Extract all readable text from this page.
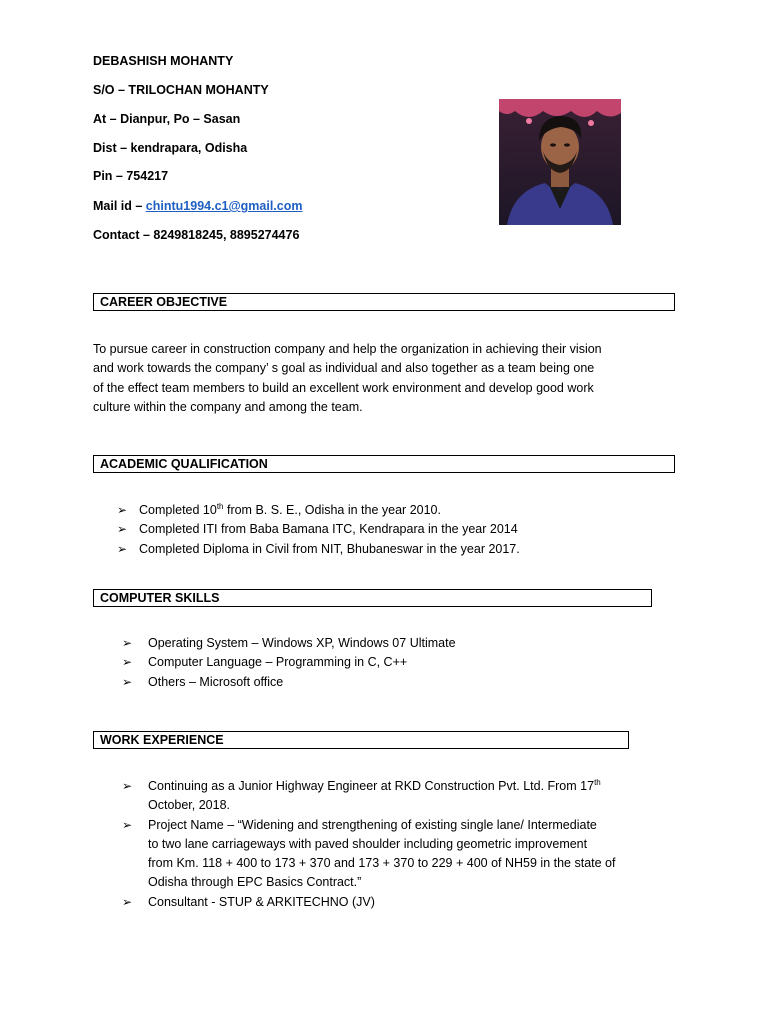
DEBASHISH MOHANTY
S/O – TRILOCHAN MOHANTY
At – Dianpur, Po – Sasan
Dist – kendrapara, Odisha
Pin – 754217
Mail id – chintu1994.c1@gmail.com
Contact – 8249818245, 8895274476
CAREER OBJECTIVE
To pursue career in construction company and help the organization in achieving their vision
and work towards the company’ s goal as individual and also together as a team being one
of the effect team members to build an excellent work environment and develop good work
culture within the company and among the team.
ACADEMIC QUALIFICATION
➢ Completed 10th from B. S. E., Odisha in the year 2010.
➢ Completed ITI from Baba Bamana ITC, Kendrapara in the year 2014
➢ Completed Diploma in Civil from NIT, Bhubaneswar in the year 2017.
COMPUTER SKILLS
➢ Operating System – Windows XP, Windows 07 Ultimate
➢ Computer Language – Programming in C, C++
➢ Others – Microsoft office
WORK EXPERIENCE
➢ Continuing as a Junior Highway Engineer at RKD Construction Pvt. Ltd. From 17th
October, 2018.
➢ Project Name – “Widening and strengthening of existing single lane/ Intermediate
to two lane carriageways with paved shoulder including geometric improvement
from Km. 118 + 400 to 173 + 370 and 173 + 370 to 229 + 400 of NH59 in the state of
Odisha through EPC Basics Contract.”
➢ Consultant - STUP & ARKITECHNO (JV)
